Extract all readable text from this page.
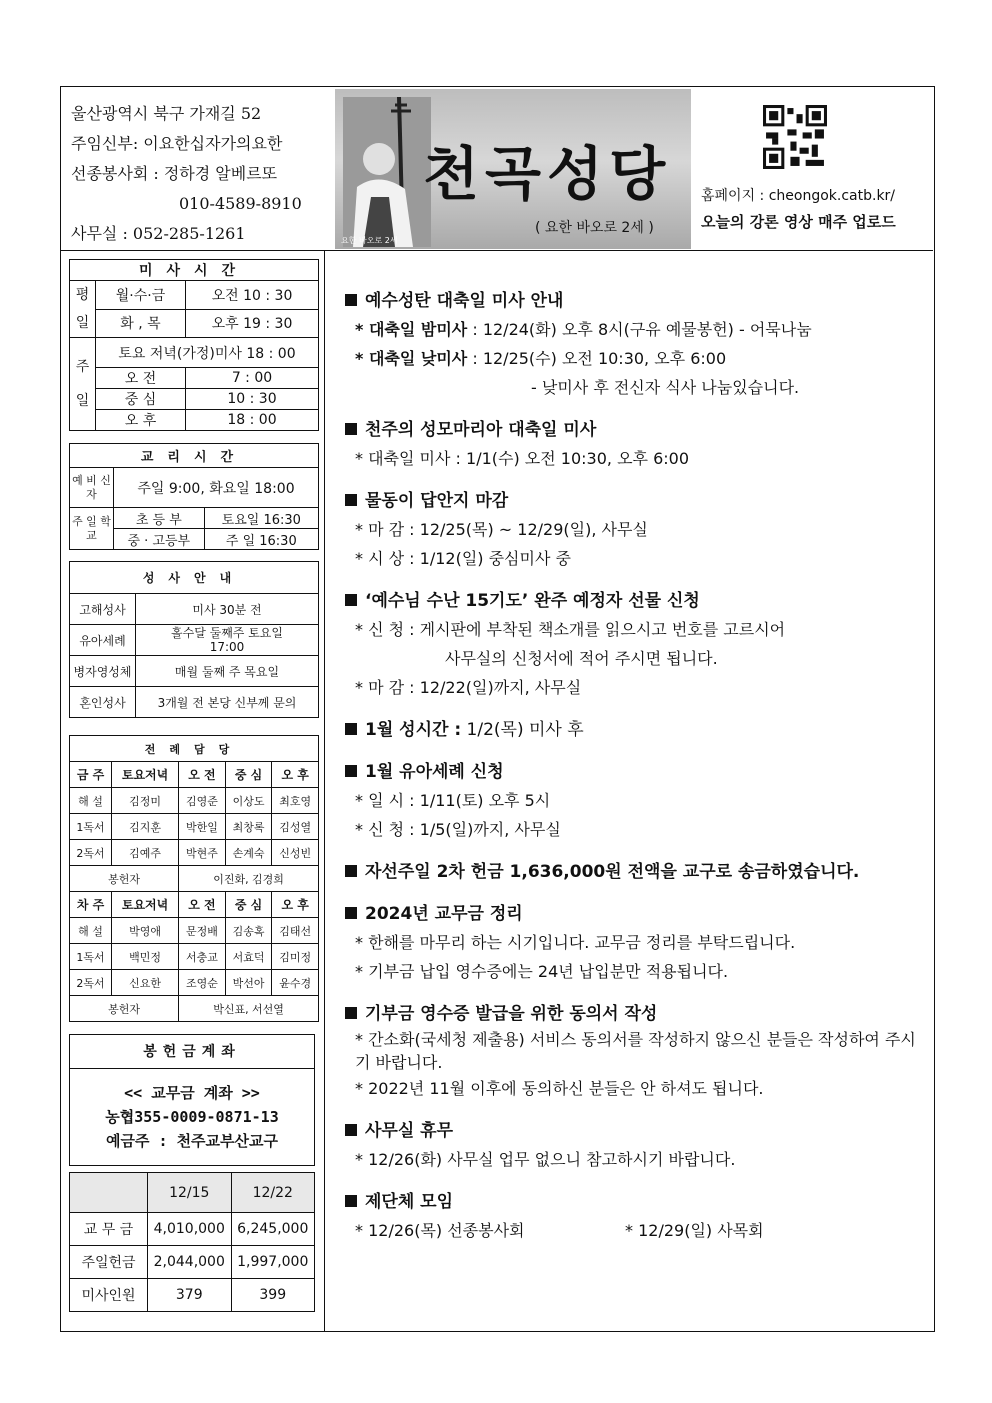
울산광역시 북구 가재길 52
주임신부: 이요한십자가의요한
선종봉사회 : 정하경 알베르또
010-4589-8910
사무실 : 052-285-1261	요한 바오로 2세
천곡성당
( 요한 바오로 2세 )
홈페이지 : cheongok.catb.kr/
오늘의 강론 영상 매주 업로드
미사시간		
평일	월·수·금	오전 10 : 30
	화 , 목	오후 19 : 30
주일	토요 저녁(가정)미사 18 : 00	
	오 전	7 : 00
	중 심	10 : 30
	오 후	18 : 00
교리시간		
예 비 신 자	주일 9:00, 화요일 18:00	
주 일 학 교	초 등 부	토요일 16:30
	중 · 고등부	주 일 16:30
성사안내	
고해성사	미사 30분 전
유아세례	홀수달 둘째주 토요일 17:00
병자영성체	매월 둘째 주 목요일
혼인성사	3개월 전 본당 신부께 문의
전례담당				
금 주	토요저녁	오 전	중 심	오 후
해 설	김정미	김영준	이상도	최호영
1독서	김지훈	박한일	최창록	김성열
2독서	김예주	박현주	손계숙	신성빈
봉헌자		이진화, 김경희		
차 주	토요저녁	오 전	중 심	오 후
해 설	박영애	문정배	김송혹	김태선
1독서	백민정	서충교	서효덕	김미정
2독서	신요한	조영순	박선아	윤수경
봉헌자		박신표, 서선열		
봉헌금계좌
<< 교무금 계좌 >>
농협355-0009-0871-13
예금주 : 천주교부산교구
	12/15	12/22
교 무 금	4,010,000	6,245,000
주일헌금	2,044,000	1,997,000
미사인원	379	399
예수성탄 대축일 미사 안내

* 대축일 밤미사 : 12/24(화) 오후 8시(구유 예물봉헌) - 어묵나눔

* 대축일 낮미사 : 12/25(수) 오전 10:30, 오후 6:00

- 낮미사 후 전신자 식사 나눔있습니다.

천주의 성모마리아 대축일 미사

* 대축일 미사 : 1/1(수) 오전 10:30, 오후 6:00

물동이 답안지 마감

* 마 감 : 12/25(목) ~ 12/29(일), 사무실

* 시 상 : 1/12(일) 중심미사 중

‘예수님 수난 15기도’ 완주 예정자 선물 신청

* 신 청 : 게시판에 부착된 책소개를 읽으시고 번호를 고르시어

사무실의 신청서에 적어 주시면 됩니다.

* 마 감 : 12/22(일)까지, 사무실

1월 성시간 : 1/2(목) 미사 후
1월 유아세례 신청

* 일 시 : 1/11(토) 오후 5시

* 신 청 : 1/5(일)까지, 사무실

자선주일 2차 헌금 1,636,000원 전액을 교구로 송금하였습니다.
2024년 교무금 정리

* 한해를 마무리 하는 시기입니다. 교무금 정리를 부탁드립니다.

* 기부금 납입 영수증에는 24년 납입분만 적용됩니다.

기부금 영수증 발급을 위한 동의서 작성

* 간소화(국세청 제출용) 서비스 동의서를 작성하지 않으신 분들은 작성하여 주시기 바랍니다.

* 2022년 11월 이후에 동의하신 분들은 안 하셔도 됩니다.

사무실 휴무

* 12/26(화) 사무실 업무 없으니 참고하시기 바랍니다.

제단체 모임

* 12/26(목) 선종봉사회	* 12/29(일) 사목회
